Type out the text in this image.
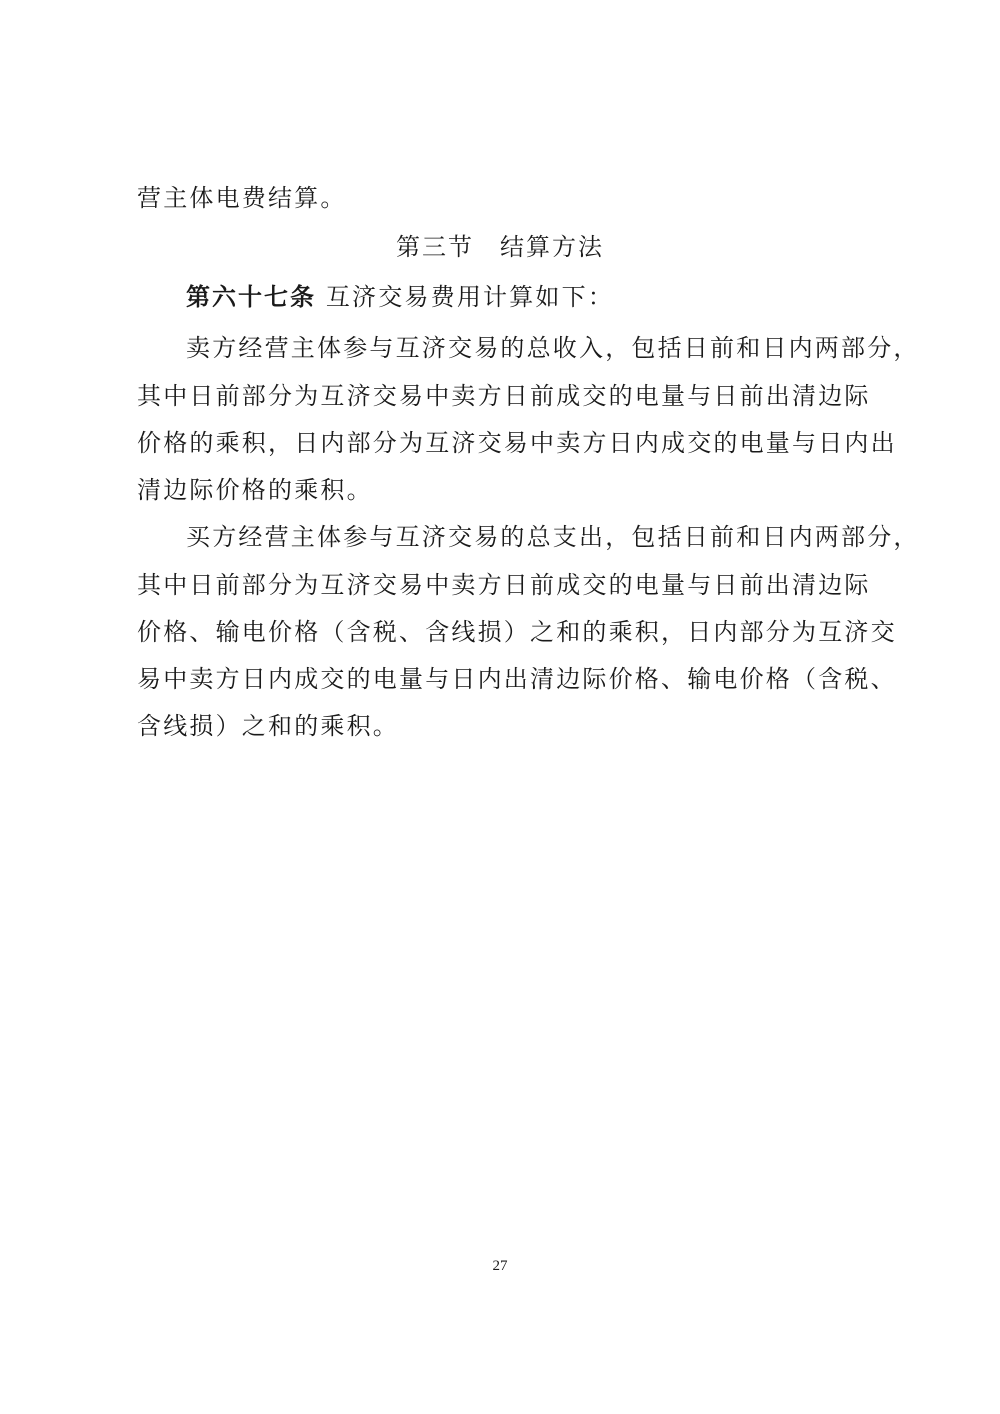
营主体电费结算。
第三节　结算方法
第六十七条 互济交易费用计算如下：
卖方经营主体参与互济交易的总收入，包括日前和日内两部分，
其中日前部分为互济交易中卖方日前成交的电量与日前出清边际
价格的乘积，日内部分为互济交易中卖方日内成交的电量与日内出
清边际价格的乘积。
买方经营主体参与互济交易的总支出，包括日前和日内两部分，
其中日前部分为互济交易中卖方日前成交的电量与日前出清边际
价格、输电价格（含税、含线损）之和的乘积，日内部分为互济交
易中卖方日内成交的电量与日内出清边际价格、输电价格（含税、
含线损）之和的乘积。
27
